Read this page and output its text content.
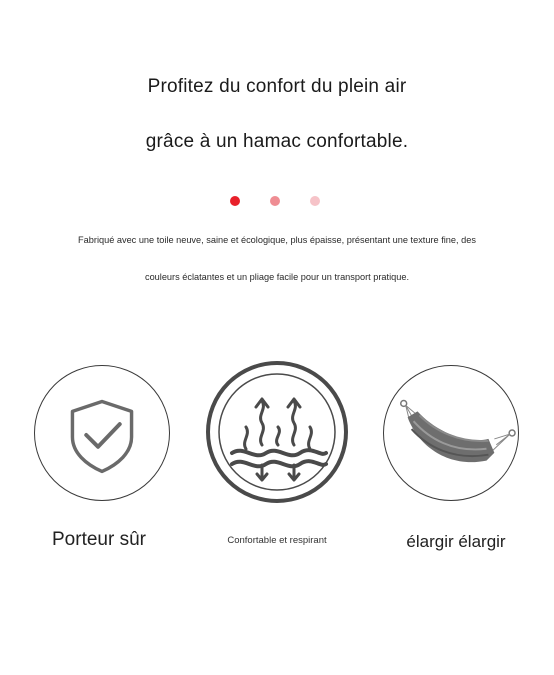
Profitez du confort du plein air
grâce à un hamac confortable.
Fabriqué avec une toile neuve, saine et écologique, plus épaisse, présentant une texture fine, des
couleurs éclatantes et un pliage facile pour un transport pratique.
Porteur sûr	Confortable et respirant	élargir élargir
